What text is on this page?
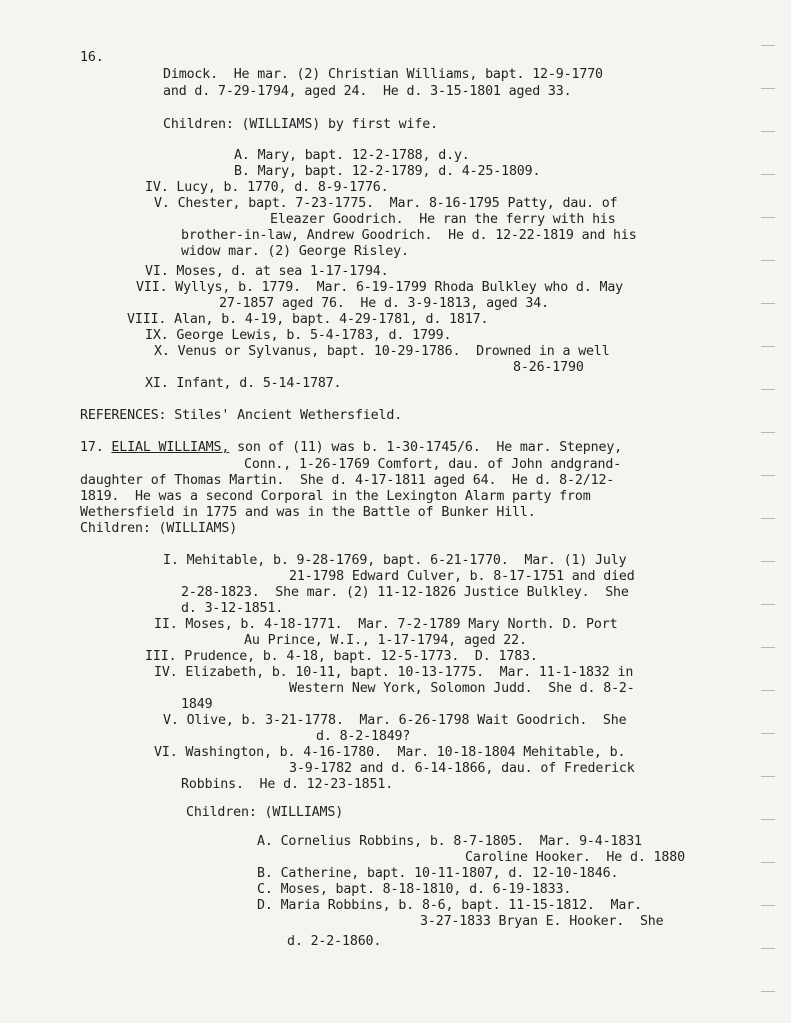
16.
Dimock.  He mar. (2) Christian Williams, bapt. 12-9-1770
and d. 7-29-1794, aged 24.  He d. 3-15-1801 aged 33.
Children: (WILLIAMS) by first wife.
A. Mary, bapt. 12-2-1788, d.y.
B. Mary, bapt. 12-2-1789, d. 4-25-1809.
IV. Lucy, b. 1770, d. 8-9-1776.
V. Chester, bapt. 7-23-1775.  Mar. 8-16-1795 Patty, dau. of
Eleazer Goodrich.  He ran the ferry with his
brother-in-law, Andrew Goodrich.  He d. 12-22-1819 and his
widow mar. (2) George Risley.
VI. Moses, d. at sea 1-17-1794.
VII. Wyllys, b. 1779.  Mar. 6-19-1799 Rhoda Bulkley who d. May
27-1857 aged 76.  He d. 3-9-1813, aged 34.
VIII. Alan, b. 4-19, bapt. 4-29-1781, d. 1817.
IX. George Lewis, b. 5-4-1783, d. 1799.
X. Venus or Sylvanus, bapt. 10-29-1786.  Drowned in a well
8-26-1790
XI. Infant, d. 5-14-1787.
REFERENCES: Stiles' Ancient Wethersfield.
17. ELIAL WILLIAMS, son of (11) was b. 1-30-1745/6.  He mar. Stepney,
Conn., 1-26-1769 Comfort, dau. of John andgrand-
daughter of Thomas Martin.  She d. 4-17-1811 aged 64.  He d. 8-2/12-
1819.  He was a second Corporal in the Lexington Alarm party from
Wethersfield in 1775 and was in the Battle of Bunker Hill.
Children: (WILLIAMS)
I. Mehitable, b. 9-28-1769, bapt. 6-21-1770.  Mar. (1) July
21-1798 Edward Culver, b. 8-17-1751 and died
2-28-1823.  She mar. (2) 11-12-1826 Justice Bulkley.  She
d. 3-12-1851.
II. Moses, b. 4-18-1771.  Mar. 7-2-1789 Mary North. D. Port
Au Prince, W.I., 1-17-1794, aged 22.
III. Prudence, b. 4-18, bapt. 12-5-1773.  D. 1783.
IV. Elizabeth, b. 10-11, bapt. 10-13-1775.  Mar. 11-1-1832 in
Western New York, Solomon Judd.  She d. 8-2-
1849
V. Olive, b. 3-21-1778.  Mar. 6-26-1798 Wait Goodrich.  She
d. 8-2-1849?
VI. Washington, b. 4-16-1780.  Mar. 10-18-1804 Mehitable, b.
3-9-1782 and d. 6-14-1866, dau. of Frederick
Robbins.  He d. 12-23-1851.
Children: (WILLIAMS)
A. Cornelius Robbins, b. 8-7-1805.  Mar. 9-4-1831
Caroline Hooker.  He d. 1880
B. Catherine, bapt. 10-11-1807, d. 12-10-1846.
C. Moses, bapt. 8-18-1810, d. 6-19-1833.
D. Maria Robbins, b. 8-6, bapt. 11-15-1812.  Mar.
3-27-1833 Bryan E. Hooker.  She
d. 2-2-1860.
